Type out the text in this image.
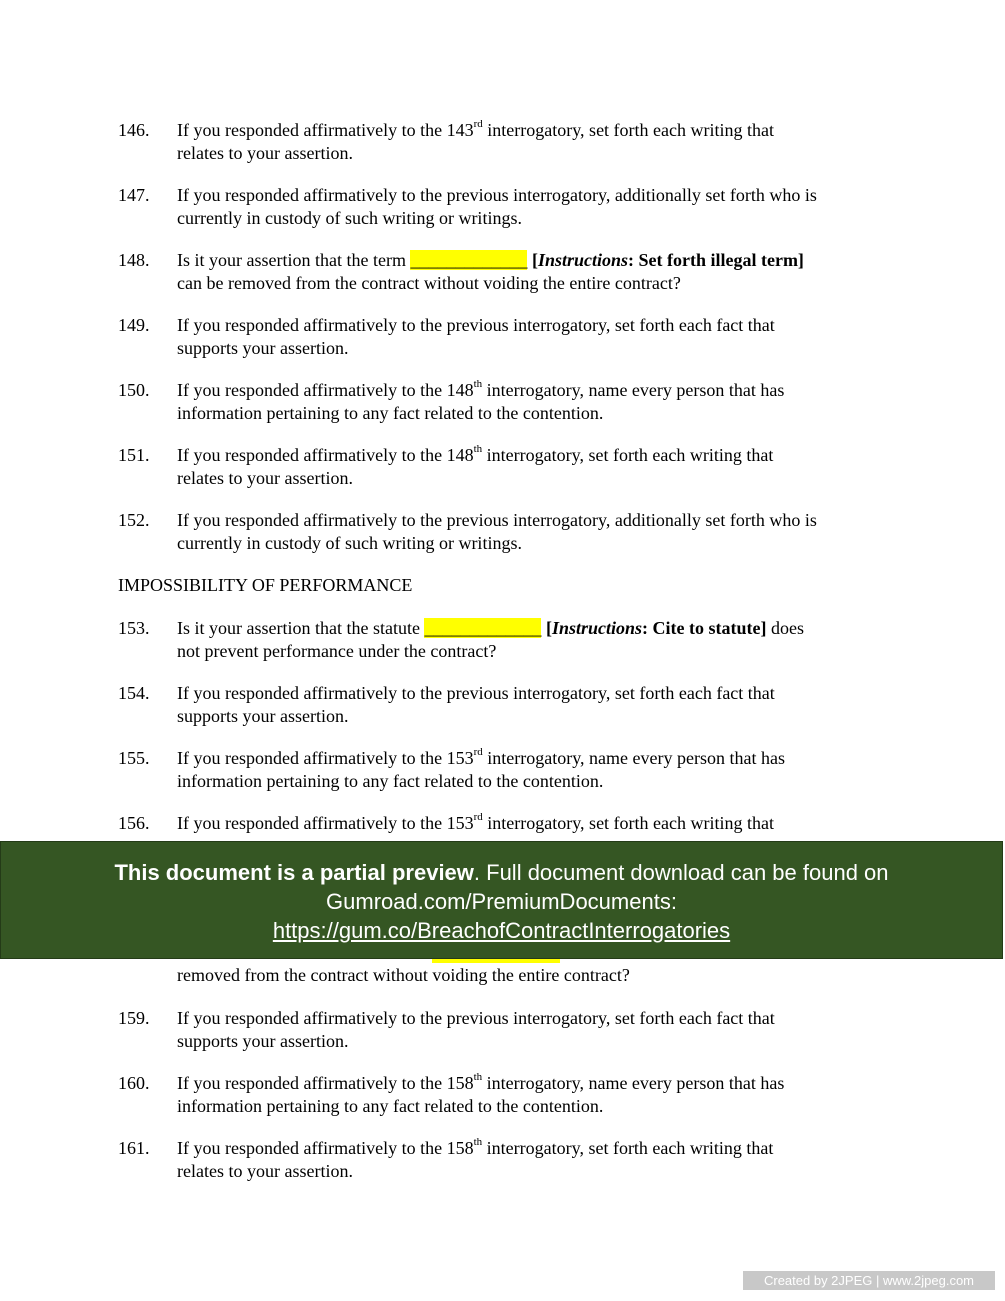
146. If you responded affirmatively to the 143rd interrogatory, set forth each writing that
relates to your assertion.
147. If you responded affirmatively to the previous interrogatory, additionally set forth who is
currently in custody of such writing or writings.
148. Is it your assertion that the term _____________ [Instructions: Set forth illegal term]
can be removed from the contract without voiding the entire contract?
149. If you responded affirmatively to the previous interrogatory, set forth each fact that
supports your assertion.
150. If you responded affirmatively to the 148th interrogatory, name every person that has
information pertaining to any fact related to the contention.
151. If you responded affirmatively to the 148th interrogatory, set forth each writing that
relates to your assertion.
152. If you responded affirmatively to the previous interrogatory, additionally set forth who is
currently in custody of such writing or writings.
IMPOSSIBILITY OF PERFORMANCE
153. Is it your assertion that the statute _____________ [Instructions: Cite to statute] does
not prevent performance under the contract?
154. If you responded affirmatively to the previous interrogatory, set forth each fact that
supports your assertion.
155. If you responded affirmatively to the 153rd interrogatory, name every person that has
information pertaining to any fact related to the contention.
156. If you responded affirmatively to the 153rd interrogatory, set forth each writing that

removed from the contract without voiding the entire contract?
159. If you responded affirmatively to the previous interrogatory, set forth each fact that
supports your assertion.
160. If you responded affirmatively to the 158th interrogatory, name every person that has
information pertaining to any fact related to the contention.
161. If you responded affirmatively to the 158th interrogatory, set forth each writing that
relates to your assertion.
This document is a partial preview. Full document download can be found on
Gumroad.com/PremiumDocuments:
https://gum.co/BreachofContractInterrogatories
Created by 2JPEG | www.2jpeg.com
